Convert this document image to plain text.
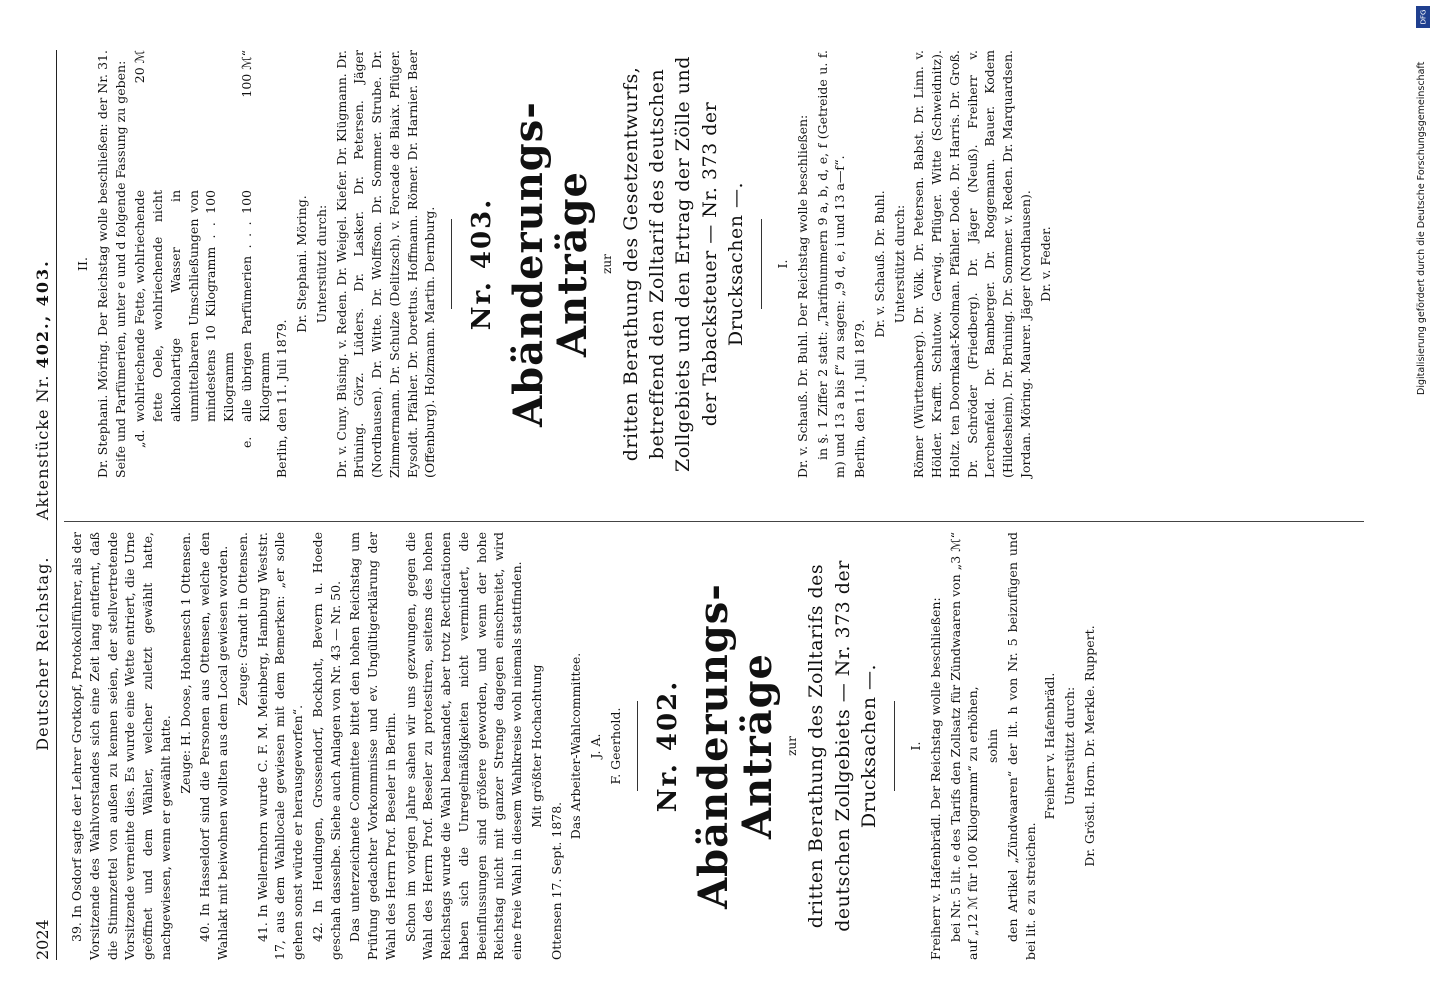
2024
Deutscher Reichstag.      Aktenstücke Nr. 402., 403.

39. In Osdorf sagte der Lehrer Grotkopf, Protokollführer, als der Vorsitzende des Wahlvorstandes sich eine Zeit lang entfernt, daß die Stimmzettel von außen zu kennen seien, der stellvertretende Vorsitzende verneinte dies. Es wurde eine Wette entriert, die Urne geöffnet und dem Wähler, welcher zuletzt gewählt hatte, nachgewiesen, wenn er gewählt hatte.

Zeuge: H. Doose, Hohenesch 1 Ottensen. 40. In Hasseldorf sind die Personen aus Ottensen, welche den Wahlakt mit beiwohnen wollten aus dem Local gewiesen worden. Zeuge: Grandt in Ottensen. 41. In Wellernhorn wurde C. F. M. Meinberg, Hamburg Weststr. 17, aus dem Wahllocale gewiesen mit dem Bemerken: „er solle gehen sonst würde er herausgeworfen“. 42. In Heudingen, Grossendorf, Bockholt, Bevern u. Hoede geschah dasselbe. Siehe auch Anlagen von Nr. 43 — Nr. 50. Das unterzeichnete Committee bittet den hohen Reichstag um Prüfung gedachter Vorkommnisse und ev. Ungültigerklärung der Wahl des Herrn Prof. Beseler in Berlin. Schon im vorigen Jahre sahen wir uns gezwungen, gegen die Wahl des Herrn Prof. Beseler zu protestiren, seitens des hohen Reichstags wurde die Wahl beanstandet, aber trotz Rectificationen haben sich die Unregelmäßigkeiten nicht vermindert, die Beeinflussungen sind größere geworden, und wenn der hohe Reichstag nicht mit ganzer Strenge dagegen einschreitet, wird eine freie Wahl in diesem Wahlkreise wohl niemals stattfinden. Mit größter Hochachtung

Ottensen 17. Sept. 1878.

Das Arbeiter-Wahlcommittee. J. A. F. Geerhold. Nr. 402. Abänderungs-Anträge zur dritten Berathung des Zolltarifs des deutschen Zollgebiets — Nr. 373 der Drucksachen —. I. Freiherr v. Hafenbrädl. Der Reichstag wolle beschließen: bei Nr. 5 lit. e des Tarifs den Zollsatz für Zündwaaren von „3 ℳ“ auf „12 ℳ für 100 Kilogramm“ zu erhöhen, sohin den Artikel „Zündwaaren“ der lit. h von Nr. 5 beizufügen und bei lit. e zu streichen.

Freiherr v. Hafenbrädl. Unterstützt durch: Dr. Gröstl. Horn. Dr. Merkle. Ruppert.

II. Dr. Stephani. Möring. Der Reichstag wolle beschließen: der Nr. 31. Seife und Parfümerien, unter e und d folgende Fassung zu geben: „d.
wohlriechende Fette, wohlriechende fette Oele, wohlriechende nicht alkoholartige Wasser in unmittelbaren Umschließungen von mindestens 10 Kilogramm . . 100 Kilogramm
20 ℳ
e.
alle übrigen Parfümerien . . . 100 Kilogramm
100 ℳ“

Berlin, den 11. Juli 1879.

Dr. Stephani. Möring. Unterstützt durch: Dr. v. Cuny. Büsing. v. Reden. Dr. Weigel. Kiefer. Dr. Klügmann. Dr. Brüning. Görz. Lüders. Dr. Lasker. Dr. Petersen. Jäger (Nordhausen). Dr. Witte. Dr. Wolffson. Dr. Sommer. Strube. Dr. Zimmermann. Dr. Schulze (Delitzsch). v. Forcade de Biaix. Pflüger. Eysoldt. Pfähler. Dr. Dorettus. Hoffmann. Römer. Dr. Harnier. Baer (Offenburg). Holzmann. Martin. Dernburg. Nr. 403. Abänderungs-Anträge zur dritten Berathung des Gesetzentwurfs, betreffend den Zolltarif des deutschen Zollgebiets und den Ertrag der Zölle und der Tabacksteuer — Nr. 373 der Drucksachen —. I. Dr. v. Schauß. Dr. Buhl. Der Reichstag wolle beschließen: in §. 1 Ziffer 2 statt: „Tarifnummern 9 a, b, d, e, f (Getreide u. f. m) und 13 a bis f“ zu sagen: „9 d, e, i und 13 a—f“. Berlin, den 11. Juli 1879.

Dr. v. Schauß. Dr. Buhl. Unterstützt durch: Römer (Württemberg). Dr. Völk. Dr. Petersen. Babst. Dr. Linn. v. Hölder. Krafft. Schlutow. Gerwig. Pflüger. Witte (Schweidnitz). Holtz. ten Doornkaat-Koolman. Pfähler. Dode. Dr. Harris. Dr. Groß. Dr. Schröder (Friedberg). Dr. Jäger (Neuß). Freiherr v. Lerchenfeld. Dr. Bamberger. Dr. Roggemann. Bauer. Kodem (Hildesheim). Dr. Brüning. Dr. Sommer. v. Reden. Dr. Marquardsen. Jordan. Möring. Maurer. Jäger (Nordhausen). Dr. v. Feder.

DFG
Digitalisierung gefördert durch die Deutsche Forschungsgemeinschaft
